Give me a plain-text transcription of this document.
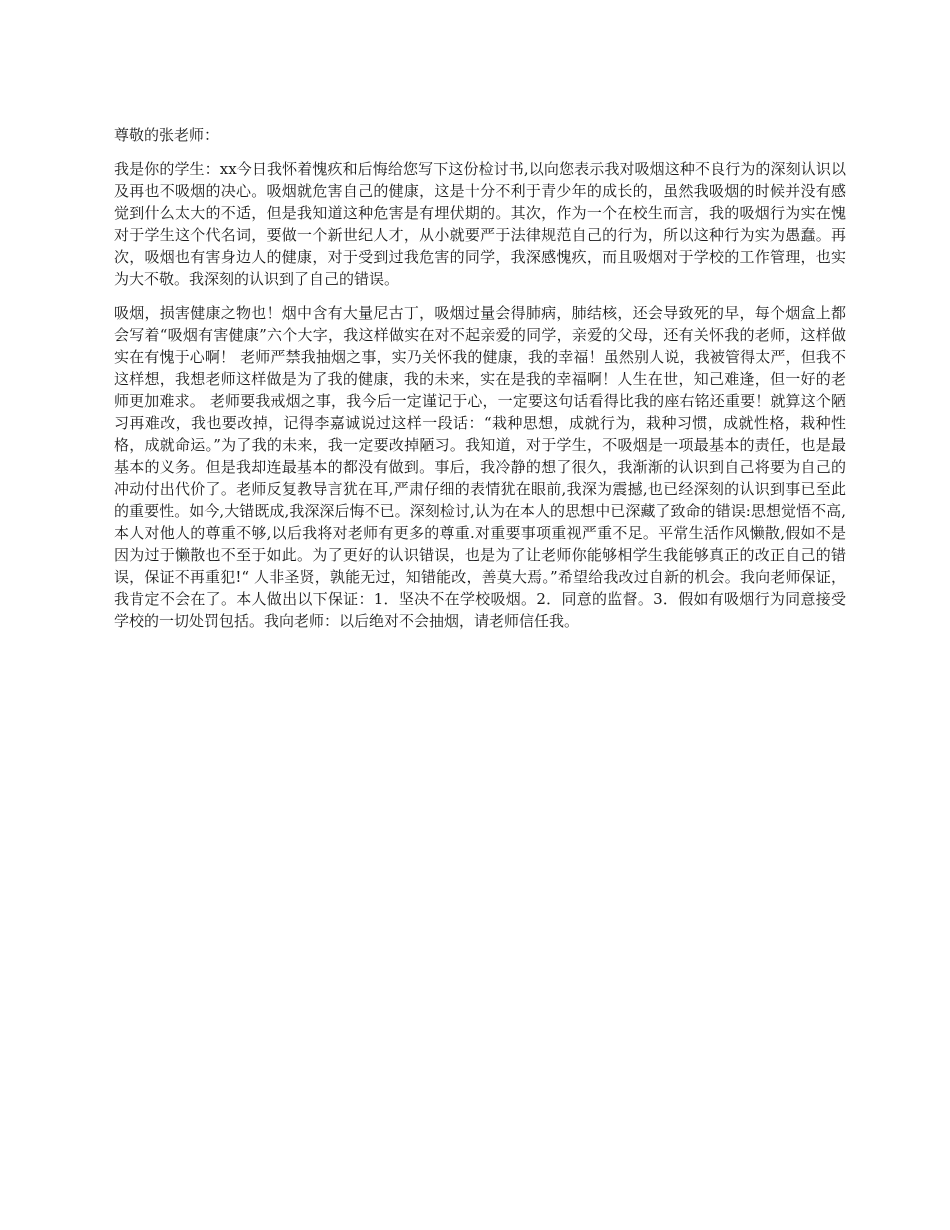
尊敬的张老师：

我是你的学生：xx今日我怀着愧疚和后悔给您写下这份检讨书,以向您表示我对吸烟这种不良行为的深刻认识以及再也不吸烟的决心。吸烟就危害自己的健康，这是十分不利于青少年的成长的，虽然我吸烟的时候并没有感觉到什么太大的不适，但是我知道这种危害是有埋伏期的。其次，作为一个在校生而言，我的吸烟行为实在愧对于学生这个代名词，要做一个新世纪人才，从小就要严于法律规范自己的行为，所以这种行为实为愚蠢。再次，吸烟也有害身边人的健康，对于受到过我危害的同学，我深感愧疚，而且吸烟对于学校的工作管理，也实为大不敬。我深刻的认识到了自己的错误。

吸烟，损害健康之物也！烟中含有大量尼古丁，吸烟过量会得肺病，肺结核，还会导致死的早，每个烟盒上都会写着“吸烟有害健康”六个大字，我这样做实在对不起亲爱的同学，亲爱的父母，还有关怀我的老师，这样做实在有愧于心啊！ 老师严禁我抽烟之事，实乃关怀我的健康，我的幸福！虽然别人说，我被管得太严，但我不这样想，我想老师这样做是为了我的健康，我的未来，实在是我的幸福啊！人生在世，知己难逢，但一好的老师更加难求。 老师要我戒烟之事，我今后一定谨记于心，一定要这句话看得比我的座右铭还重要！就算这个陋习再难改，我也要改掉，记得李嘉诚说过这样一段话：“栽种思想，成就行为，栽种习惯，成就性格，栽种性格，成就命运。”为了我的未来，我一定要改掉陋习。我知道，对于学生，不吸烟是一项最基本的责任，也是最基本的义务。但是我却连最基本的都没有做到。事后，我冷静的想了很久，我渐渐的认识到自己将要为自己的冲动付出代价了。老师反复教导言犹在耳,严肃仔细的表情犹在眼前,我深为震撼,也已经深刻的认识到事已至此的重要性。如今,大错既成,我深深后悔不已。深刻检讨,认为在本人的思想中已深藏了致命的错误:思想觉悟不高,本人对他人的尊重不够,以后我将对老师有更多的尊重.对重要事项重视严重不足。平常生活作风懒散,假如不是因为过于懒散也不至于如此。为了更好的认识错误，也是为了让老师你能够相学生我能够真正的改正自己的错误，保证不再重犯!“ 人非圣贤，孰能无过，知错能改，善莫大焉。”希望给我改过自新的机会。我向老师保证，我肯定不会在了。本人做出以下保证：1．坚决不在学校吸烟。2．同意的监督。3．假如有吸烟行为同意接受学校的一切处罚包括。我向老师：以后绝对不会抽烟，请老师信任我。
